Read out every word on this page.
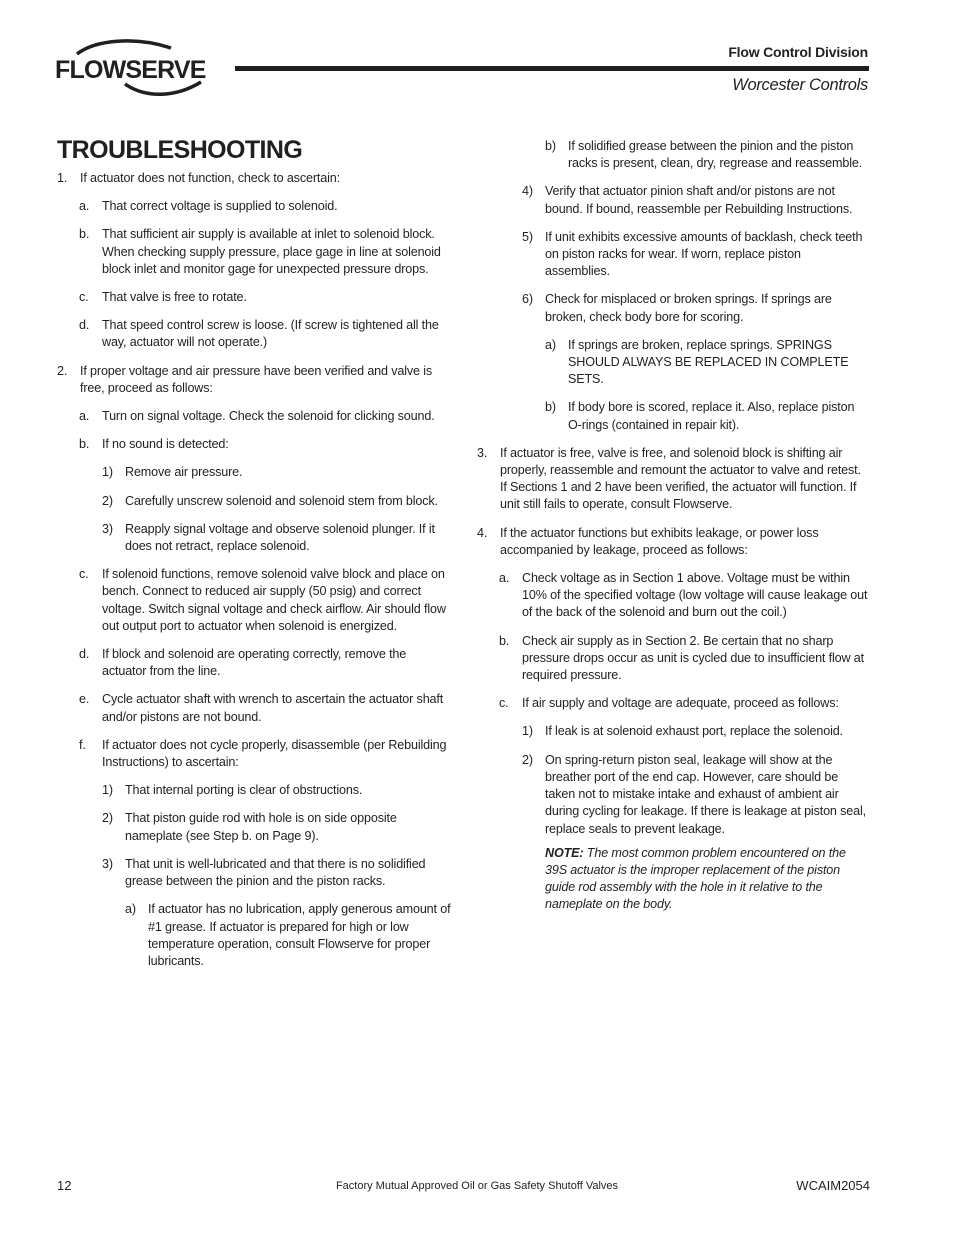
FLOWSERVE
Flow Control Division
Worcester Controls
TROUBLESHOOTING

1. If actuator does not function, check to ascertain:

a. That correct voltage is supplied to solenoid.

b. That sufficient air supply is available at inlet to solenoid block. When checking supply pressure, place gage in line at solenoid block inlet and monitor gage for unexpected pressure drops.

c. That valve is free to rotate.

d. That speed control screw is loose. (If screw is tightened all the way, actuator will not operate.)

2. If proper voltage and air pressure have been verified and valve is free, proceed as follows:

a. Turn on signal voltage. Check the solenoid for clicking sound.

b. If no sound is detected:

1) Remove air pressure.

2) Carefully unscrew solenoid and solenoid stem from block.

3) Reapply signal voltage and observe solenoid plunger. If it does not retract, replace solenoid.

c. If solenoid functions, remove solenoid valve block and place on bench. Connect to reduced air supply (50 psig) and correct voltage. Switch signal voltage and check airflow. Air should flow out output port to actuator when solenoid is energized.

d. If block and solenoid are operating correctly, remove the actuator from the line.

e. Cycle actuator shaft with wrench to ascertain the actuator shaft and/or pistons are not bound.

f. If actuator does not cycle properly, disassemble (per Rebuilding Instructions) to ascertain:

1) That internal porting is clear of obstructions.

2) That piston guide rod with hole is on side opposite nameplate (see Step b. on Page 9).

3) That unit is well-lubricated and that there is no solidified grease between the pinion and the piston racks.

a) If actuator has no lubrication, apply generous amount of #1 grease. If actuator is prepared for high or low temperature operation, consult Flowserve for proper lubricants.

b) If solidified grease between the pinion and the piston racks is present, clean, dry, regrease and reassemble.

4) Verify that actuator pinion shaft and/or pistons are not bound. If bound, reassemble per Rebuilding Instructions.

5) If unit exhibits excessive amounts of backlash, check teeth on piston racks for wear. If worn, replace piston assemblies.

6) Check for misplaced or broken springs. If springs are broken, check body bore for scoring.

a) If springs are broken, replace springs. SPRINGS SHOULD ALWAYS BE REPLACED IN COMPLETE SETS.

b) If body bore is scored, replace it. Also, replace piston O-rings (contained in repair kit).

3. If actuator is free, valve is free, and solenoid block is shifting air properly, reassemble and remount the actuator to valve and retest. If Sections 1 and 2 have been verified, the actuator will function. If unit still fails to operate, consult Flowserve.

4. If the actuator functions but exhibits leakage, or power loss accompanied by leakage, proceed as follows:

a. Check voltage as in Section 1 above. Voltage must be within 10% of the specified voltage (low voltage will cause leakage out of the back of the solenoid and burn out the coil.)

b. Check air supply as in Section 2. Be certain that no sharp pressure drops occur as unit is cycled due to insufficient flow at required pressure.

c. If air supply and voltage are adequate, proceed as follows:

1) If leak is at solenoid exhaust port, replace the solenoid.

2) On spring-return piston seal, leakage will show at the breather port of the end cap. However, care should be taken not to mistake intake and exhaust of ambient air during cycling for leakage. If there is leakage at piston seal, replace seals to prevent leakage.

NOTE: The most common problem encountered on the 39S actuator is the improper replacement of the piston guide rod assembly with the hole in it relative to the nameplate on the body.

12	Factory Mutual Approved Oil or Gas Safety Shutoff Valves	WCAIM2054
